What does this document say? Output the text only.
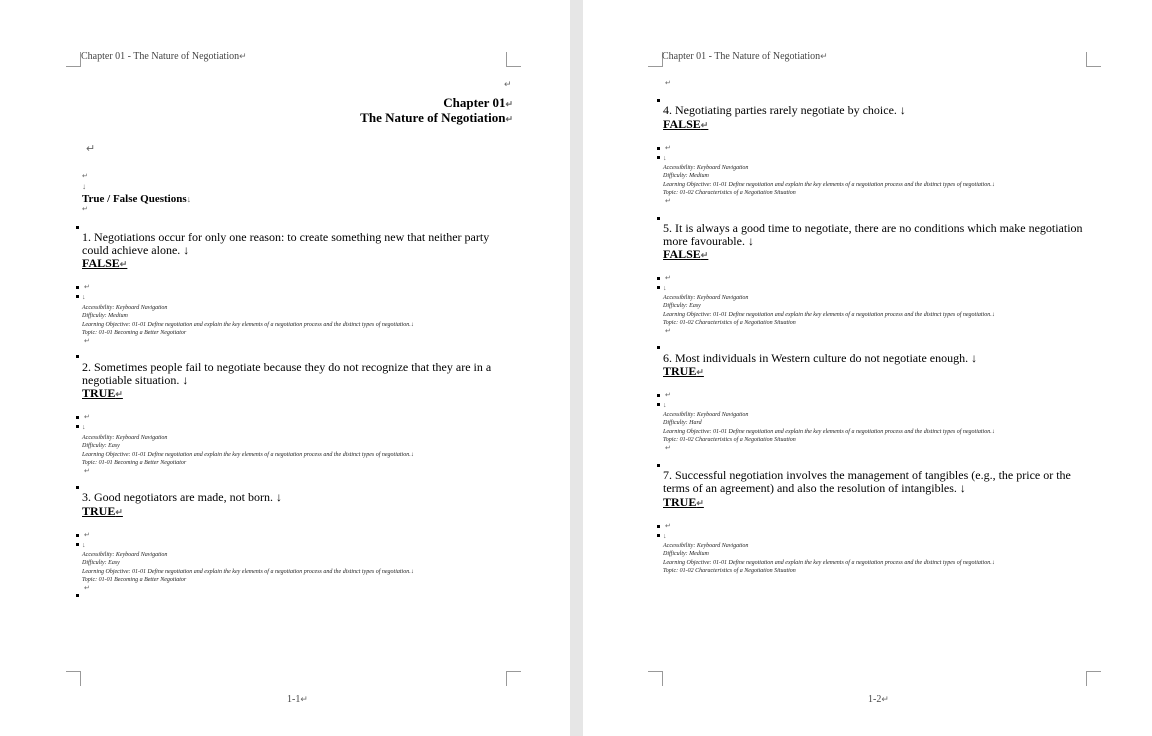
Chapter 01 - The Nature of Negotiation↵
↵
Chapter 01↵
The Nature of Negotiation↵
↵
↵
↓
True / False Questions↓
↵
1. Negotiations occur for only one reason: to create something new that neither party could achieve alone. ↓
FALSE↵
↵
↓
Accessibility: Keyboard Navigation
Difficulty: Medium
Learning Objective: 01-01 Define negotiation and explain the key elements of a negotiation process and the distinct types of negotiation.↓
Topic: 01-01 Becoming a Better Negotiator
↵
2. Sometimes people fail to negotiate because they do not recognize that they are in a negotiable situation. ↓
TRUE↵
↵
↓
Accessibility: Keyboard Navigation
Difficulty: Easy
Learning Objective: 01-01 Define negotiation and explain the key elements of a negotiation process and the distinct types of negotiation.↓
Topic: 01-01 Becoming a Better Negotiator
↵
3. Good negotiators are made, not born. ↓
TRUE↵
↵
↓
Accessibility: Keyboard Navigation
Difficulty: Easy
Learning Objective: 01-01 Define negotiation and explain the key elements of a negotiation process and the distinct types of negotiation.↓
Topic: 01-01 Becoming a Better Negotiator
↵
1-1↵
Chapter 01 - The Nature of Negotiation↵
↵
4. Negotiating parties rarely negotiate by choice. ↓
FALSE↵
↵
↓
Accessibility: Keyboard Navigation
Difficulty: Medium
Learning Objective: 01-01 Define negotiation and explain the key elements of a negotiation process and the distinct types of negotiation.↓
Topic: 01-02 Characteristics of a Negotiation Situation
↵
5. It is always a good time to negotiate, there are no conditions which make negotiation more favourable. ↓
FALSE↵
↵
↓
Accessibility: Keyboard Navigation
Difficulty: Easy
Learning Objective: 01-01 Define negotiation and explain the key elements of a negotiation process and the distinct types of negotiation.↓
Topic: 01-02 Characteristics of a Negotiation Situation
↵
6. Most individuals in Western culture do not negotiate enough. ↓
TRUE↵
↵
↓
Accessibility: Keyboard Navigation
Difficulty: Hard
Learning Objective: 01-01 Define negotiation and explain the key elements of a negotiation process and the distinct types of negotiation.↓
Topic: 01-02 Characteristics of a Negotiation Situation
↵
7. Successful negotiation involves the management of tangibles (e.g., the price or the terms of an agreement) and also the resolution of intangibles. ↓
TRUE↵
↵
↓
Accessibility: Keyboard Navigation
Difficulty: Medium
Learning Objective: 01-01 Define negotiation and explain the key elements of a negotiation process and the distinct types of negotiation.↓
Topic: 01-02 Characteristics of a Negotiation Situation
1-2↵
